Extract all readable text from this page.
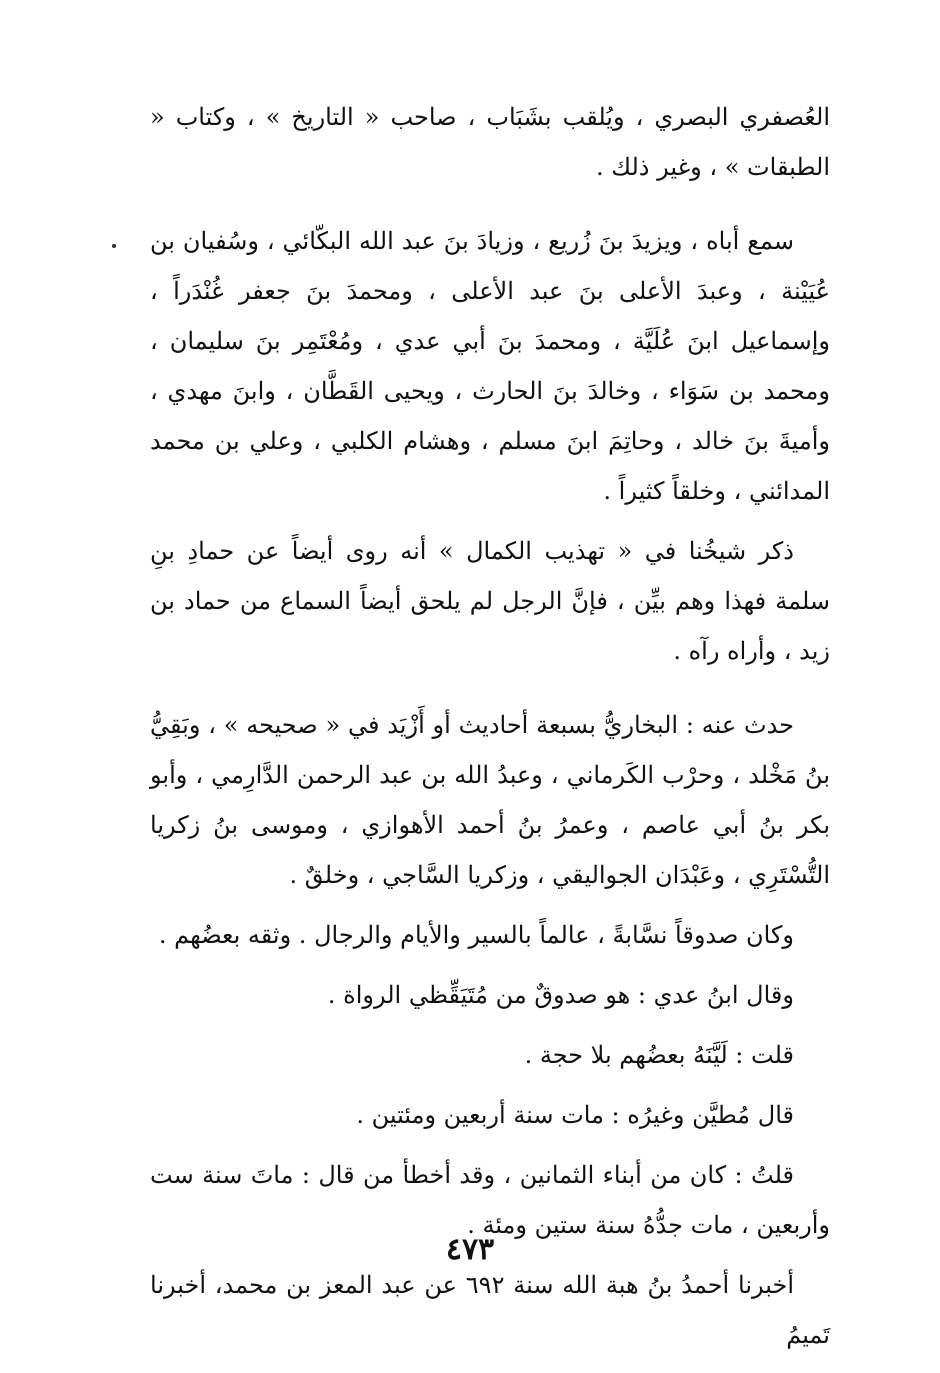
العُصفري البصري ، ويُلقب بشَبَاب ، صاحب « التاريخ » ، وكتاب « الطبقات » ، وغير ذلك .

سمع أباه ، ويزيدَ بنَ زُريع ، وزيادَ بنَ عبد الله البكّائي ، وسُفيان بن عُيَيْنة ، وعبدَ الأعلى بنَ عبد الأعلى ، ومحمدَ بنَ جعفر غُنْدَراً ، وإسماعيل ابنَ عُلَيَّة ، ومحمدَ بنَ أبي عدي ، ومُعْتَمِر بنَ سليمان ، ومحمد بن سَوَاء ، وخالدَ بنَ الحارث ، ويحيى القَطَّان ، وابنَ مهدي ، وأميةَ بنَ خالد ، وحاتِمَ ابنَ مسلم ، وهشام الكلبي ، وعلي بن محمد المدائني ، وخلقاً كثيراً .

ذكر شيخُنا في « تهذيب الكمال » أنه روى أيضاً عن حمادِ بنِ سلمة فهذا وهم بيِّن ، فإنَّ الرجل لم يلحق أيضاً السماع من حماد بن زيد ، وأراه رآه .

حدث عنه : البخاريُّ بسبعة أحاديث أو أَزْيَد في « صحيحه » ، وبَقِيُّ بنُ مَخْلد ، وحرْب الكَرماني ، وعبدُ الله بن عبد الرحمن الدَّارِمي ، وأبو بكر بنُ أبي عاصم ، وعمرُ بنُ أحمد الأهوازي ، وموسى بنُ زكريا التُّسْتَرِي ، وعَبْدَان الجواليقي ، وزكريا السَّاجي ، وخلقٌ .

وكان صدوقاً نسَّابةً ، عالماً بالسير والأيام والرجال . وثقه بعضُهم .

وقال ابنُ عدي : هو صدوقٌ من مُتَيَقِّظي الرواة .

قلت : لَيَّنَهُ بعضُهم بلا حجة .

قال مُطيَّن وغيرُه : مات سنة أربعين ومئتين .

قلتُ : كان من أبناء الثمانين ، وقد أخطأ من قال : ماتَ سنة ست وأربعين ، مات جدُّهُ سنة ستين ومئة .

أخبرنا أحمدُ بنُ هبة الله سنة ٦٩٢ عن عبد المعز بن محمد، أخبرنا تَميمُ

٤٧٣
